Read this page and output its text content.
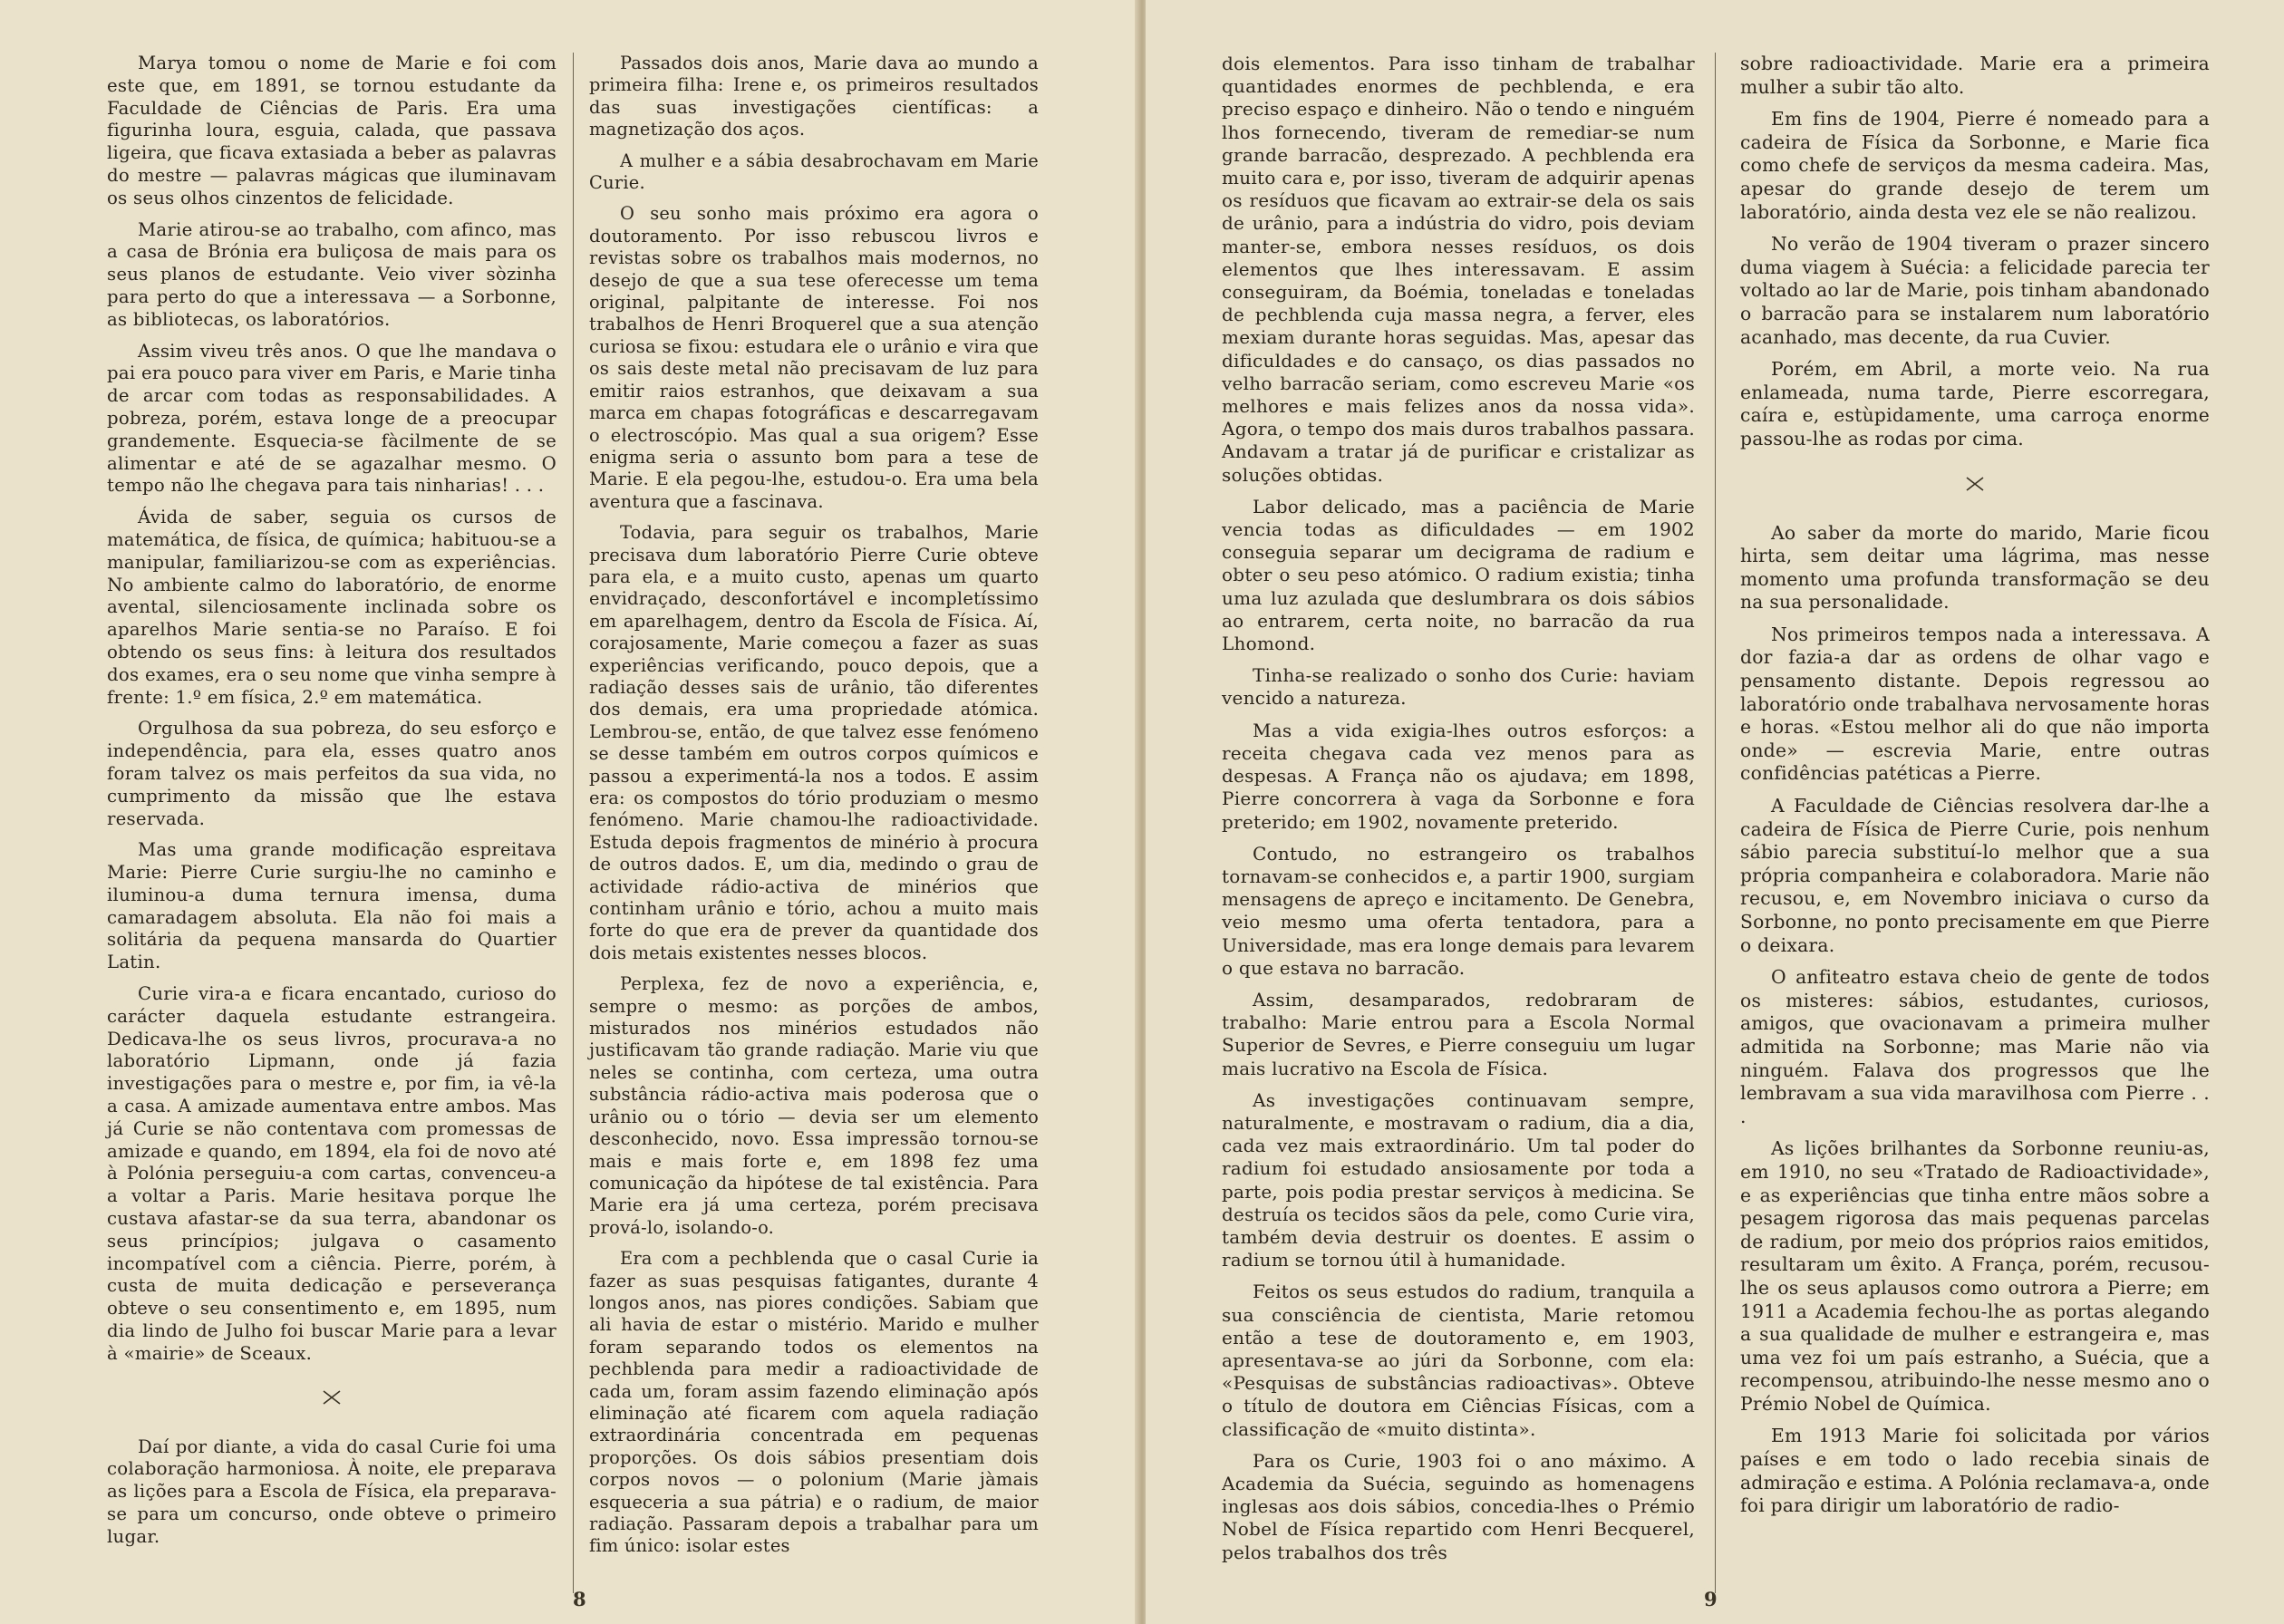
Marya tomou o nome de Marie e foi com este que, em 1891, se tornou estudante da Faculdade de Ciências de Paris. Era uma figurinha loura, esguia, calada, que passava ligeira, que ficava extasiada a beber as palavras do mestre — palavras mágicas que iluminavam os seus olhos cinzentos de felicidade.

Marie atirou-se ao trabalho, com afinco, mas a casa de Brónia era buliçosa de mais para os seus planos de estudante. Veio viver sòzinha para perto do que a interessava — a Sorbonne, as bibliotecas, os laboratórios.

Assim viveu três anos. O que lhe mandava o pai era pouco para viver em Paris, e Marie tinha de arcar com todas as responsabilidades. A pobreza, porém, estava longe de a preocupar grandemente. Esquecia-se fàcilmente de se alimentar e até de se agazalhar mesmo. O tempo não lhe chegava para tais ninharias! . . .

Ávida de saber, seguia os cursos de matemática, de física, de química; habituou-se a manipular, familiarizou-se com as experiências. No ambiente calmo do laboratório, de enorme avental, silenciosamente inclinada sobre os aparelhos Marie sentia-se no Paraíso. E foi obtendo os seus fins: à leitura dos resultados dos exames, era o seu nome que vinha sempre à frente: 1.º em física, 2.º em matemática.

Orgulhosa da sua pobreza, do seu esforço e independência, para ela, esses quatro anos foram talvez os mais perfeitos da sua vida, no cumprimento da missão que lhe estava reservada.

Mas uma grande modificação espreitava Marie: Pierre Curie surgiu-lhe no caminho e iluminou-a duma ternura imensa, duma camaradagem absoluta. Ela não foi mais a solitária da pequena mansarda do Quartier Latin.

Curie vira-a e ficara encantado, curioso do carácter daquela estudante estrangeira. Dedicava-lhe os seus livros, procurava-a no laboratório Lipmann, onde já fazia investigações para o mestre e, por fim, ia vê-la a casa. A amizade aumentava entre ambos. Mas já Curie se não contentava com promessas de amizade e quando, em 1894, ela foi de novo até à Polónia perseguiu-a com cartas, convenceu-a a voltar a Paris. Marie hesitava porque lhe custava afastar-se da sua terra, abandonar os seus princípios; julgava o casamento incompatível com a ciência. Pierre, porém, à custa de muita dedicação e perseverança obteve o seu consentimento e, em 1895, num dia lindo de Julho foi buscar Marie para a levar à «mairie» de Sceaux.

Daí por diante, a vida do casal Curie foi uma colaboração harmoniosa. À noite, ele preparava as lições para a Escola de Física, ela preparava-se para um concurso, onde obteve o primeiro lugar.

Passados dois anos, Marie dava ao mundo a primeira filha: Irene e, os primeiros resultados das suas investigações científicas: a magnetização dos aços.

A mulher e a sábia desabrochavam em Marie Curie.

O seu sonho mais próximo era agora o doutoramento. Por isso rebuscou livros e revistas sobre os trabalhos mais modernos, no desejo de que a sua tese oferecesse um tema original, palpitante de interesse. Foi nos trabalhos de Henri Broquerel que a sua atenção curiosa se fixou: estudara ele o urânio e vira que os sais deste metal não precisavam de luz para emitir raios estranhos, que deixavam a sua marca em chapas fotográficas e descarregavam o electroscópio. Mas qual a sua origem? Esse enigma seria o assunto bom para a tese de Marie. E ela pegou-lhe, estudou-o. Era uma bela aventura que a fascinava.

Todavia, para seguir os trabalhos, Marie precisava dum laboratório Pierre Curie obteve para ela, e a muito custo, apenas um quarto envidraçado, desconfortável e incompletíssimo em aparelhagem, dentro da Escola de Física. Aí, corajosamente, Marie começou a fazer as suas experiências verificando, pouco depois, que a radiação desses sais de urânio, tão diferentes dos demais, era uma propriedade atómica. Lembrou-se, então, de que talvez esse fenómeno se desse também em outros corpos químicos e passou a experimentá-la nos a todos. E assim era: os compostos do tório produziam o mesmo fenómeno. Marie chamou-lhe radioactividade. Estuda depois fragmentos de minério à procura de outros dados. E, um dia, medindo o grau de actividade rádio-activa de minérios que continham urânio e tório, achou a muito mais forte do que era de prever da quantidade dos dois metais existentes nesses blocos.

Perplexa, fez de novo a experiência, e, sempre o mesmo: as porções de ambos, misturados nos minérios estudados não justificavam tão grande radiação. Marie viu que neles se continha, com certeza, uma outra substância rádio-activa mais poderosa que o urânio ou o tório — devia ser um elemento desconhecido, novo. Essa impressão tornou-se mais e mais forte e, em 1898 fez uma comunicação da hipótese de tal existência. Para Marie era já uma certeza, porém precisava prová-lo, isolando-o.

Era com a pechblenda que o casal Curie ia fazer as suas pesquisas fatigantes, durante 4 longos anos, nas piores condições. Sabiam que ali havia de estar o mistério. Marido e mulher foram separando todos os elementos na pechblenda para medir a radioactividade de cada um, foram assim fazendo eliminação após eliminação até ficarem com aquela radiação extraordinária concentrada em pequenas proporções. Os dois sábios presentiam dois corpos novos — o polonium (Marie jàmais esqueceria a sua pátria) e o radium, de maior radiação. Passaram depois a trabalhar para um fim único: isolar estes

8

dois elementos. Para isso tinham de trabalhar quantidades enormes de pechblenda, e era preciso espaço e dinheiro. Não o tendo e ninguém lhos fornecendo, tiveram de remediar-se num grande barracão, desprezado. A pechblenda era muito cara e, por isso, tiveram de adquirir apenas os resíduos que ficavam ao extrair-se dela os sais de urânio, para a indústria do vidro, pois deviam manter-se, embora nesses resíduos, os dois elementos que lhes interessavam. E assim conseguiram, da Boémia, toneladas e toneladas de pechblenda cuja massa negra, a ferver, eles mexiam durante horas seguidas. Mas, apesar das dificuldades e do cansaço, os dias passados no velho barracão seriam, como escreveu Marie «os melhores e mais felizes anos da nossa vida». Agora, o tempo dos mais duros trabalhos passara. Andavam a tratar já de purificar e cristalizar as soluções obtidas.

Labor delicado, mas a paciência de Marie vencia todas as dificuldades — em 1902 conseguia separar um decigrama de radium e obter o seu peso atómico. O radium existia; tinha uma luz azulada que deslumbrara os dois sábios ao entrarem, certa noite, no barracão da rua Lhomond.

Tinha-se realizado o sonho dos Curie: haviam vencido a natureza.

Mas a vida exigia-lhes outros esforços: a receita chegava cada vez menos para as despesas. A França não os ajudava; em 1898, Pierre concorrera à vaga da Sorbonne e fora preterido; em 1902, novamente preterido.

Contudo, no estrangeiro os trabalhos tornavam-se conhecidos e, a partir 1900, surgiam mensagens de apreço e incitamento. De Genebra, veio mesmo uma oferta tentadora, para a Universidade, mas era longe demais para levarem o que estava no barracão.

Assim, desamparados, redobraram de trabalho: Marie entrou para a Escola Normal Superior de Sevres, e Pierre conseguiu um lugar mais lucrativo na Escola de Física.

As investigações continuavam sempre, naturalmente, e mostravam o radium, dia a dia, cada vez mais extraordinário. Um tal poder do radium foi estudado ansiosamente por toda a parte, pois podia prestar serviços à medicina. Se destruía os tecidos sãos da pele, como Curie vira, também devia destruir os doentes. E assim o radium se tornou útil à humanidade.

Feitos os seus estudos do radium, tranquila a sua consciência de cientista, Marie retomou então a tese de doutoramento e, em 1903, apresentava-se ao júri da Sorbonne, com ela: «Pesquisas de substâncias radioactivas». Obteve o título de doutora em Ciências Físicas, com a classificação de «muito distinta».

Para os Curie, 1903 foi o ano máximo. A Academia da Suécia, seguindo as homenagens inglesas aos dois sábios, concedia-lhes o Prémio Nobel de Física repartido com Henri Becquerel, pelos trabalhos dos três

sobre radioactividade. Marie era a primeira mulher a subir tão alto.

Em fins de 1904, Pierre é nomeado para a cadeira de Física da Sorbonne, e Marie fica como chefe de serviços da mesma cadeira. Mas, apesar do grande desejo de terem um laboratório, ainda desta vez ele se não realizou.

No verão de 1904 tiveram o prazer sincero duma viagem à Suécia: a felicidade parecia ter voltado ao lar de Marie, pois tinham abandonado o barracão para se instalarem num laboratório acanhado, mas decente, da rua Cuvier.

Porém, em Abril, a morte veio. Na rua enlameada, numa tarde, Pierre escorregara, caíra e, estùpidamente, uma carroça enorme passou-lhe as rodas por cima.

Ao saber da morte do marido, Marie ficou hirta, sem deitar uma lágrima, mas nesse momento uma profunda transformação se deu na sua personalidade.

Nos primeiros tempos nada a interessava. A dor fazia-a dar as ordens de olhar vago e pensamento distante. Depois regressou ao laboratório onde trabalhava nervosamente horas e horas. «Estou melhor ali do que não importa onde» — escrevia Marie, entre outras confidências patéticas a Pierre.

A Faculdade de Ciências resolvera dar-lhe a cadeira de Física de Pierre Curie, pois nenhum sábio parecia substituí-lo melhor que a sua própria companheira e colaboradora. Marie não recusou, e, em Novembro iniciava o curso da Sorbonne, no ponto precisamente em que Pierre o deixara.

O anfiteatro estava cheio de gente de todos os misteres: sábios, estudantes, curiosos, amigos, que ovacionavam a primeira mulher admitida na Sorbonne; mas Marie não via ninguém. Falava dos progressos que lhe lembravam a sua vida maravilhosa com Pierre . . .

As lições brilhantes da Sorbonne reuniu-as, em 1910, no seu «Tratado de Radioactividade», e as experiências que tinha entre mãos sobre a pesagem rigorosa das mais pequenas parcelas de radium, por meio dos próprios raios emitidos, resultaram um êxito. A França, porém, recusou-lhe os seus aplausos como outrora a Pierre; em 1911 a Academia fechou-lhe as portas alegando a sua qualidade de mulher e estrangeira e, mas uma vez foi um país estranho, a Suécia, que a recompensou, atribuindo-lhe nesse mesmo ano o Prémio Nobel de Química.

Em 1913 Marie foi solicitada por vários países e em todo o lado recebia sinais de admiração e estima. A Polónia reclamava-a, onde foi para dirigir um laboratório de radio-

9
